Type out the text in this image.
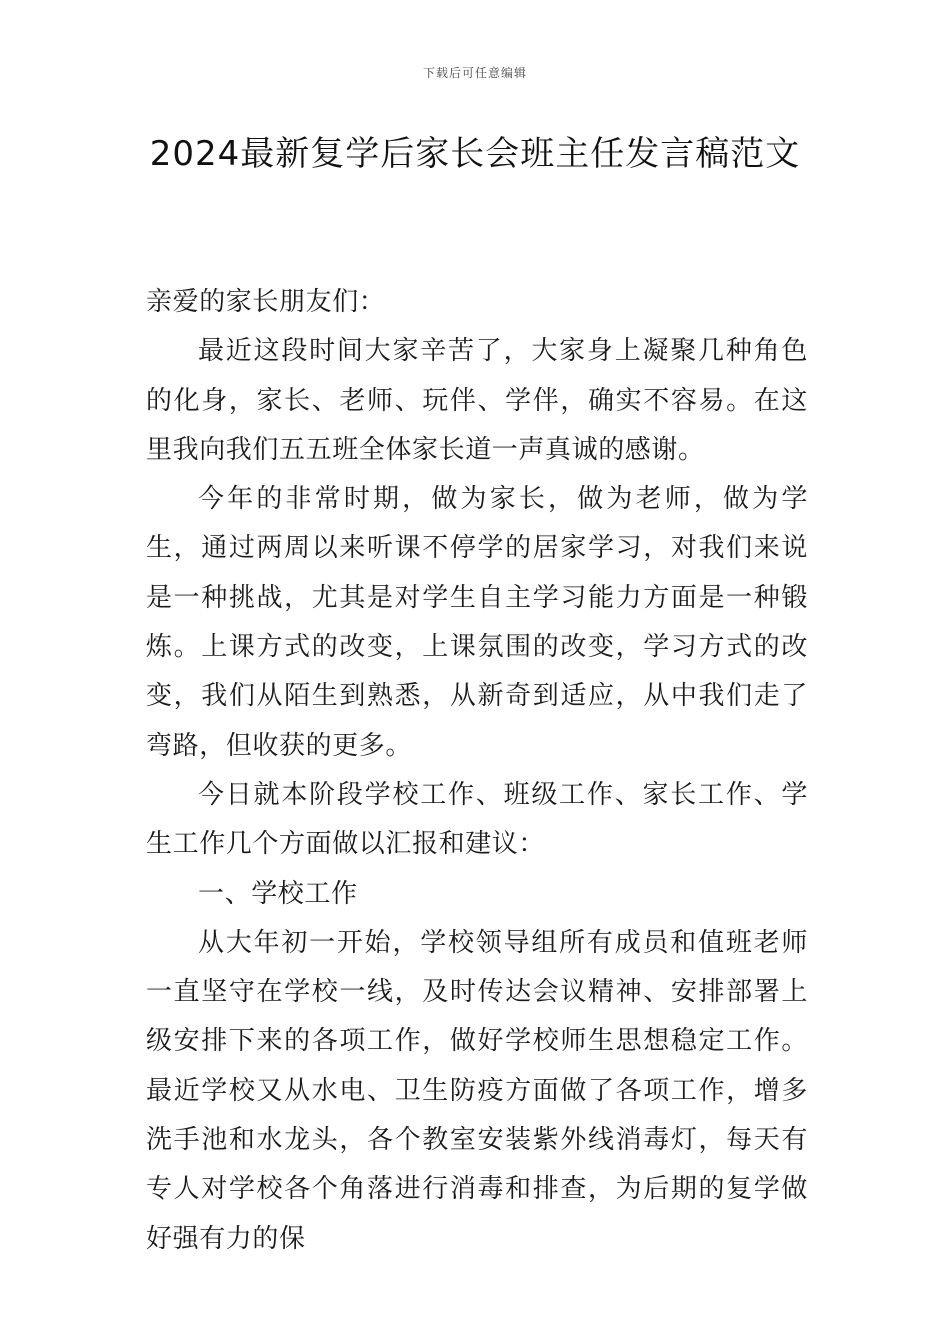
下载后可任意编辑
2024最新复学后家长会班主任发言稿范文

亲爱的家长朋友们：

最近这段时间大家辛苦了，大家身上凝聚几种角色的化身，家长、老师、玩伴、学伴，确实不容易。在这里我向我们五五班全体家长道一声真诚的感谢。

今年的非常时期，做为家长，做为老师，做为学生，通过两周以来听课不停学的居家学习，对我们来说是一种挑战，尤其是对学生自主学习能力方面是一种锻炼。上课方式的改变，上课氛围的改变，学习方式的改变，我们从陌生到熟悉，从新奇到适应，从中我们走了弯路，但收获的更多。

今日就本阶段学校工作、班级工作、家长工作、学生工作几个方面做以汇报和建议：

一、学校工作

从大年初一开始，学校领导组所有成员和值班老师一直坚守在学校一线，及时传达会议精神、安排部署上级安排下来的各项工作，做好学校师生思想稳定工作。最近学校又从水电、卫生防疫方面做了各项工作，增多洗手池和水龙头，各个教室安装紫外线消毒灯，每天有专人对学校各个角落进行消毒和排查，为后期的复学做好强有力的保
